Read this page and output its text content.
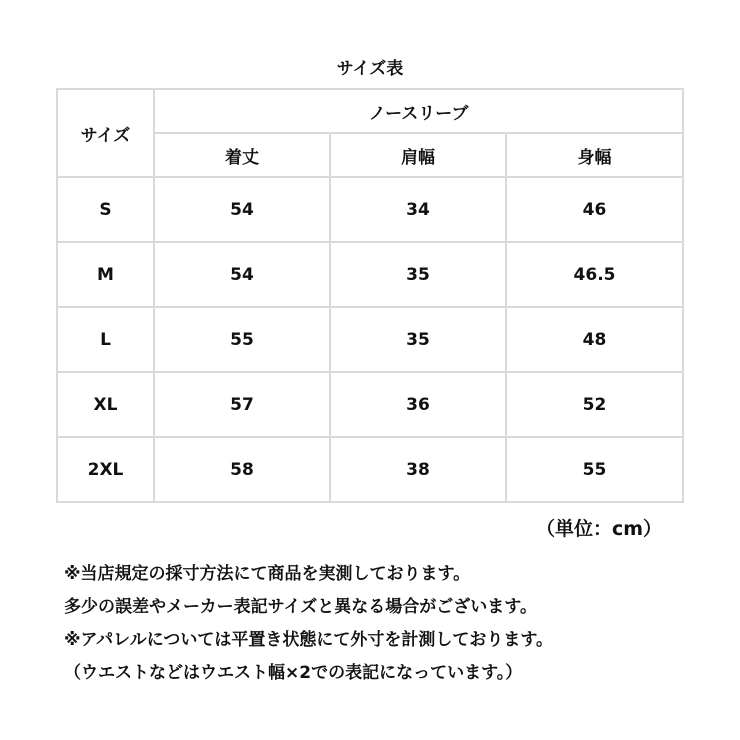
サイズ表
サイズ	ノースリーブ		
	着丈	肩幅	身幅
S	54	34	46
M	54	35	46.5
L	55	35	48
XL	57	36	52
2XL	58	38	55
（単位：cm）
※当店規定の採寸方法にて商品を実測しております。
多少の誤差やメーカー表記サイズと異なる場合がございます。
※アパレルについては平置き状態にて外寸を計測しております。
（ウエストなどはウエスト幅×2での表記になっています。）
